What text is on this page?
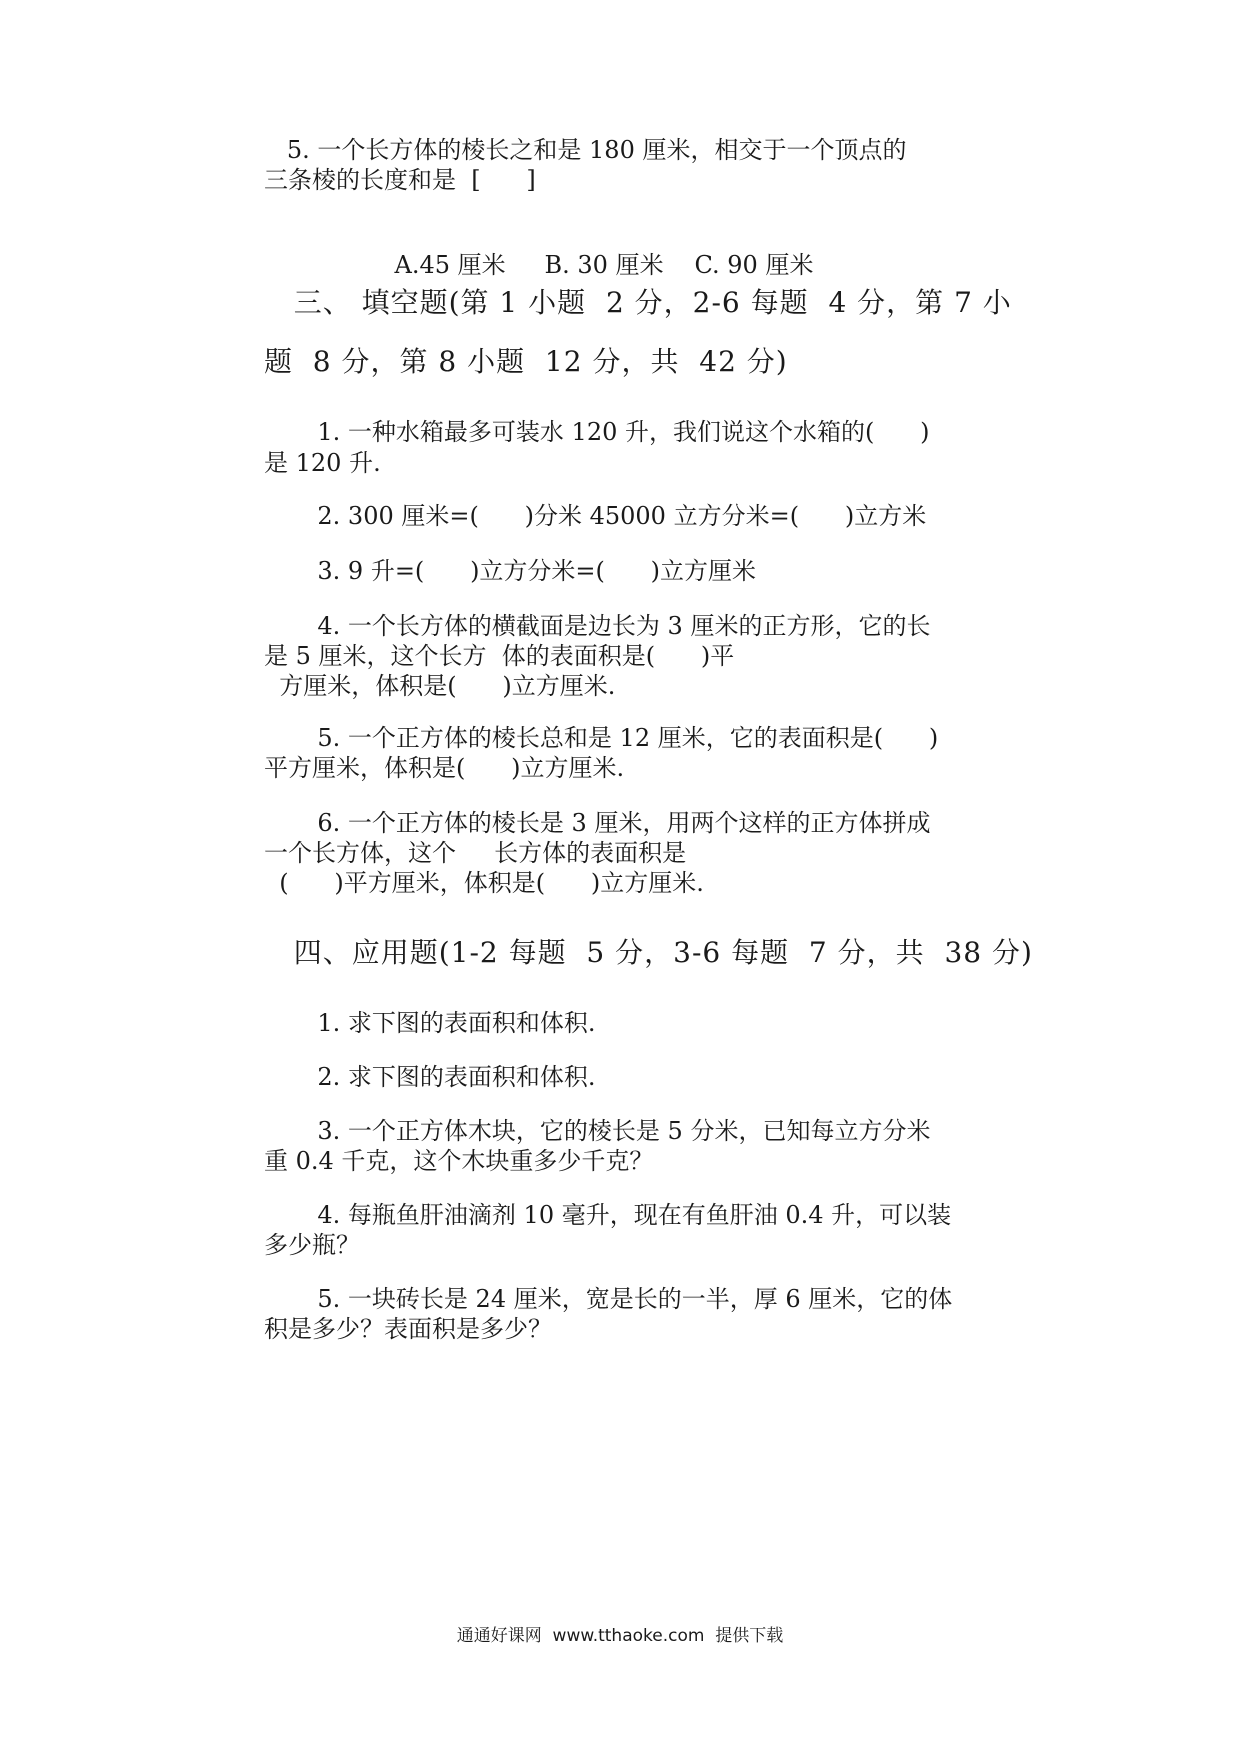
5. 一个长方体的棱长之和是 180 厘米，相交于一个顶点的
三条棱的长度和是  [      ]

A.45 厘米 B. 30 厘米 C. 90 厘米

三、 填空题(第 1 小题  2 分，2-6 每题  4 分，第 7 小
题  8 分，第 8 小题  12 分，共  42 分)
1. 一种水箱最多可装水 120 升，我们说这个水箱的(      )
是 120 升.
2. 300 厘米=(      )分米 45000 立方分米=(      )立方米
3. 9 升=(      )立方分米=(      )立方厘米
4. 一个长方体的横截面是边长为 3 厘米的正方形，它的长
是 5 厘米，这个长方  体的表面积是(      )平
方厘米，体积是(      )立方厘米.
5. 一个正方体的棱长总和是 12 厘米，它的表面积是(      )
平方厘米，体积是(      )立方厘米.
6. 一个正方体的棱长是 3 厘米，用两个这样的正方体拼成
一个长方体，这个     长方体的表面积是
(      )平方厘米，体积是(      )立方厘米.
四、应用题(1-2 每题  5 分，3-6 每题  7 分，共  38 分)
1. 求下图的表面积和体积.
2. 求下图的表面积和体积.
3. 一个正方体木块，它的棱长是 5 分米，已知每立方分米
重 0.4 千克，这个木块重多少千克？
4. 每瓶鱼肝油滴剂 10 毫升，现在有鱼肝油 0.4 升，可以装
多少瓶？
5. 一块砖长是 24 厘米，宽是长的一半，厚 6 厘米，它的体
积是多少？表面积是多少？
通通好课网  www.tthaoke.com  提供下载
